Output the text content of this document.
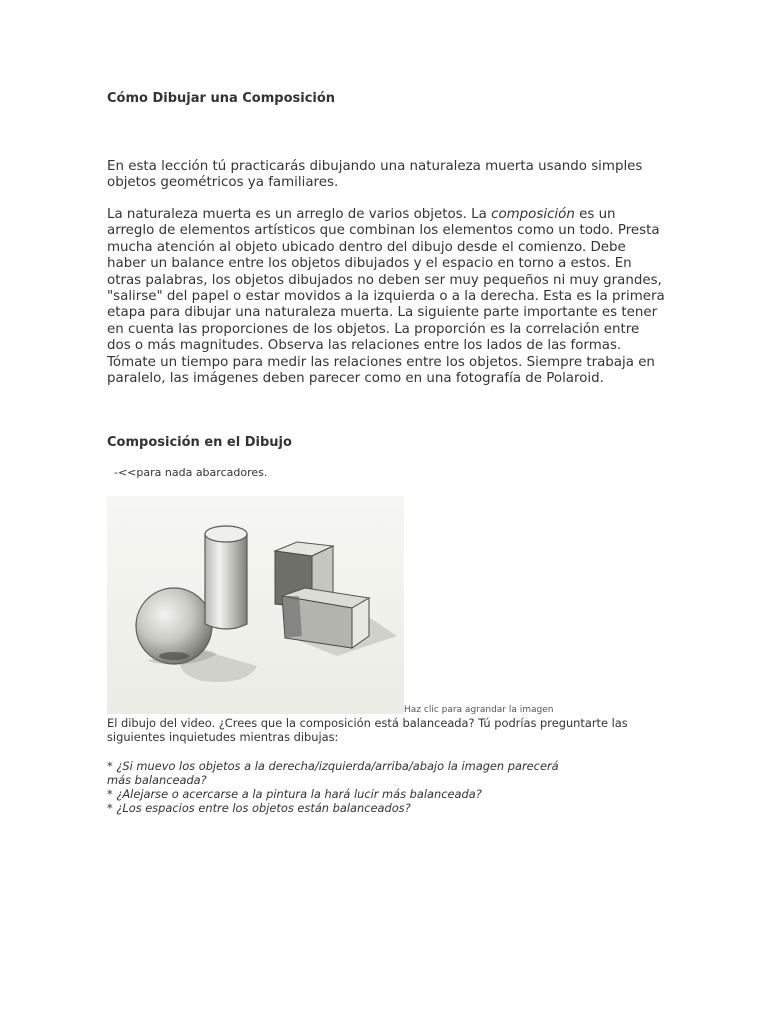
Cómo Dibujar una Composición

En esta lección tú practicarás dibujando una naturaleza muerta usando simples objetos geométricos ya familiares.

La naturaleza muerta es un arreglo de varios objetos. La composición es un arreglo de elementos artísticos que combinan los elementos como un todo. Presta mucha atención al objeto ubicado dentro del dibujo desde el comienzo. Debe haber un balance entre los objetos dibujados y el espacio en torno a estos. En otras palabras, los objetos dibujados no deben ser muy pequeños ni muy grandes, "salirse" del papel o estar movidos a la izquierda o a la derecha. Esta es la primera etapa para dibujar una naturaleza muerta. La siguiente parte importante es tener en cuenta las proporciones de los objetos. La proporción es la correlación entre dos o más magnitudes. Observa las relaciones entre los lados de las formas. Tómate un tiempo para medir las relaciones entre los objetos. Siempre trabaja en paralelo, las imágenes deben parecer como en una fotografía de Polaroid.

Composición en el Dibujo
-<<para nada abarcadores.
Haz clic para agrandar la imagen

El dibujo del video. ¿Crees que la composición está balanceada? Tú podrías preguntarte las siguientes inquietudes mientras dibujas:

* ¿Si muevo los objetos a la derecha/izquierda/arriba/abajo la imagen parecerá más balanceada?
* ¿Alejarse o acercarse a la pintura la hará lucir más balanceada?
* ¿Los espacios entre los objetos están balanceados?
